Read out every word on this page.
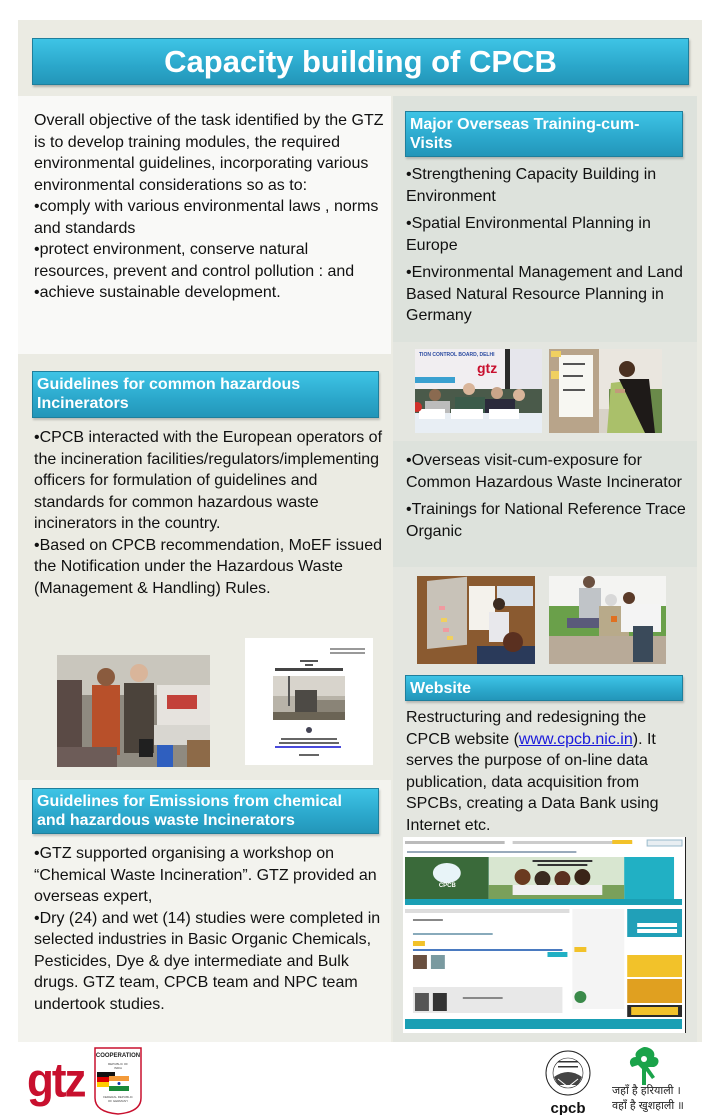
Capacity building of CPCB
Overall objective of the task identified by the GTZ is to develop training modules, the required environmental guidelines, incorporating various environmental considerations so as to:
•comply with various environmental laws , norms and standards
•protect environment, conserve natural resources, prevent and control pollution : and
•achieve sustainable development.
Guidelines for common hazardous Incinerators
•CPCB interacted with the European operators of the incineration facilities/regulators/implementing officers for formulation of guidelines and standards for common hazardous waste incinerators in the country.
•Based on CPCB recommendation, MoEF issued the Notification under the Hazardous Waste (Management & Handling) Rules.
Guidelines for Emissions from chemical and hazardous waste Incinerators
•GTZ supported organising a workshop on “Chemical Waste Incineration”. GTZ provided an overseas expert,
•Dry (24) and wet (14) studies were completed in selected industries in Basic Organic Chemicals, Pesticides, Dye & dye intermediate and Bulk drugs. GTZ team, CPCB team and NPC team undertook studies.
Major Overseas Training-cum-Visits
•Strengthening Capacity Building in Environment
•Spatial Environmental Planning in Europe
•Environmental Management and Land Based Natural Resource Planning in Germany
TION CONTROL BOARD, DELHI
gtz
•Overseas visit-cum-exposure for Common Hazardous Waste Incinerator
•Trainings for National Reference Trace Organic
Website
Restructuring and redesigning the CPCB website (www.cpcb.nic.in). It serves the purpose of on-line data publication, data acquisition from SPCBs, creating a Data Bank using Internet etc.
CPCB
gtz COOPERATION
REPUBLIC OF
INDIA
FEDERAL REPUBLIC
OF GERMANY	cpcb
जहाँ है हरियाली ।
वहाँ है खुशहाली ॥
